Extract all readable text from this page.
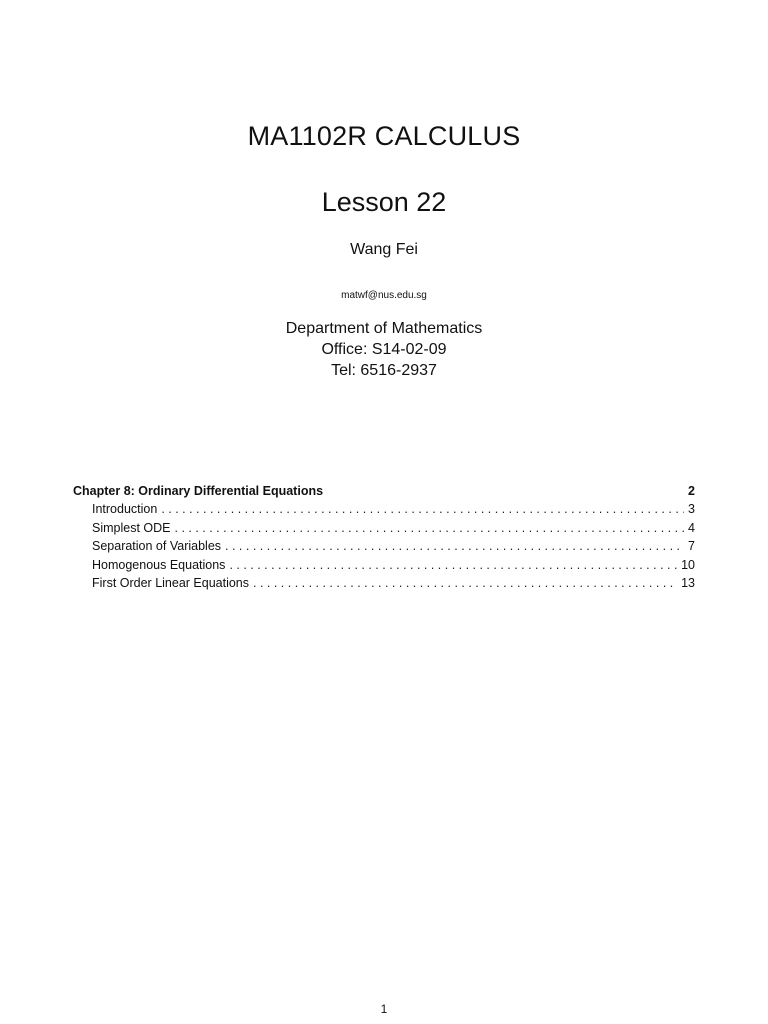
MA1102R CALCULUS
Lesson 22
Wang Fei
matwf@nus.edu.sg
Department of Mathematics
Office: S14-02-09
Tel: 6516-2937
Chapter 8: Ordinary Differential Equations	2
Introduction . . .	3
Simplest ODE . . .	4
Separation of Variables . . .	7
Homogenous Equations . . .	10
First Order Linear Equations . . .	13
1
